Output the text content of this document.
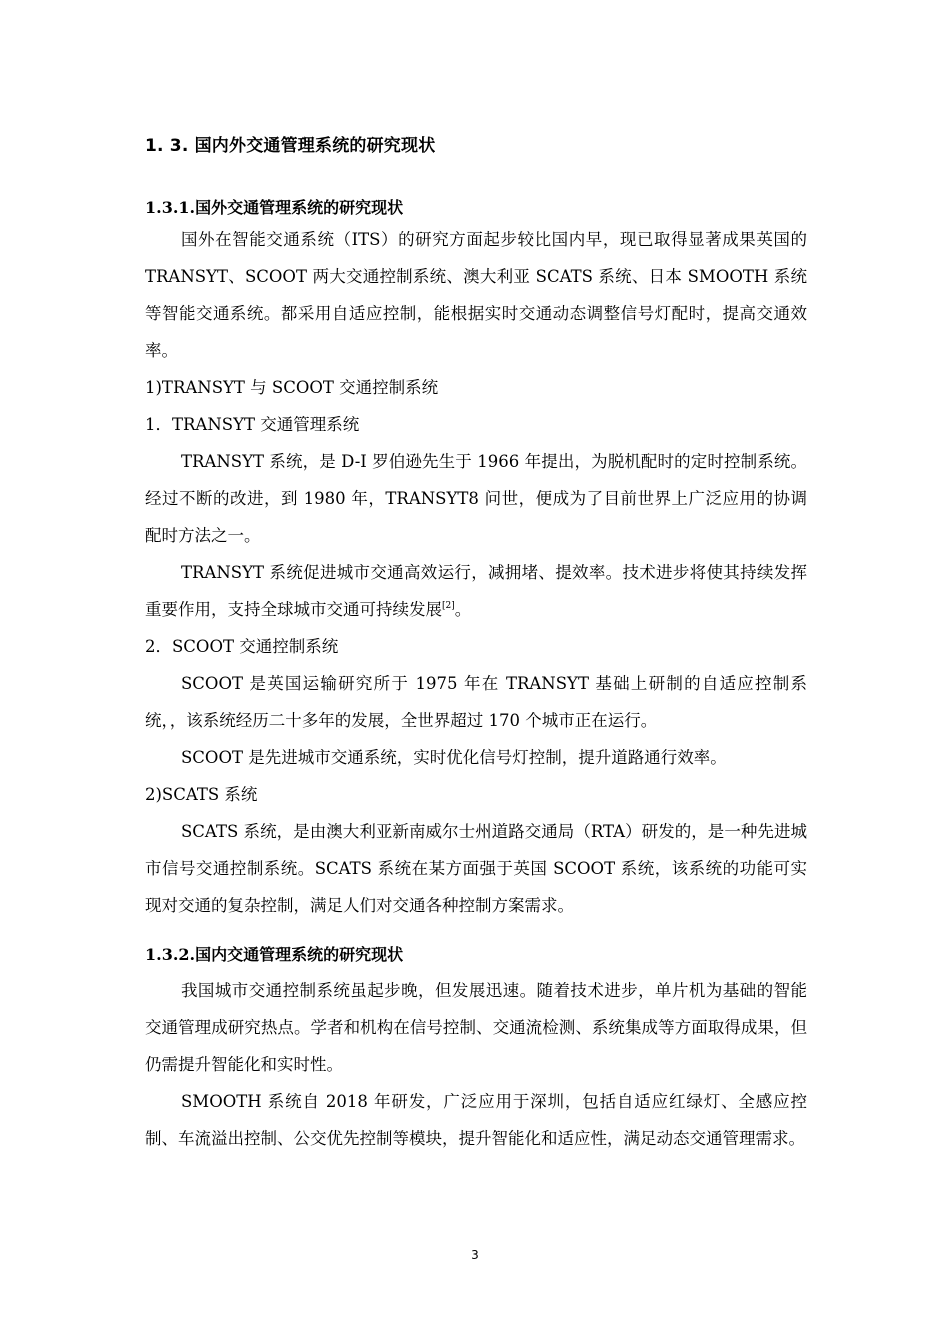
1. 3. 国内外交通管理系统的研究现状
1.3.1.国外交通管理系统的研究现状

国外在智能交通系统（ITS）的研究方面起步较比国内早，现已取得显著成果英国的 TRANSYT、SCOOT 两大交通控制系统、澳大利亚 SCATS 系统、日本 SMOOTH 系统等智能交通系统。都采用自适应控制，能根据实时交通动态调整信号灯配时，提高交通效率。

1)TRANSYT 与 SCOOT 交通控制系统

1．TRANSYT 交通管理系统

TRANSYT 系统，是 D-I 罗伯逊先生于 1966 年提出，为脱机配时的定时控制系统。经过不断的改进，到 1980 年，TRANSYT8 问世，便成为了目前世界上广泛应用的协调配时方法之一。

TRANSYT 系统促进城市交通高效运行，减拥堵、提效率。技术进步将使其持续发挥重要作用，支持全球城市交通可持续发展[2]。

2．SCOOT 交通控制系统

SCOOT 是英国运输研究所于 1975 年在 TRANSYT 基础上研制的自适应控制系统，，该系统经历二十多年的发展，全世界超过 170 个城市正在运行。

SCOOT 是先进城市交通系统，实时优化信号灯控制，提升道路通行效率。

2)SCATS 系统

SCATS 系统，是由澳大利亚新南威尔士州道路交通局（RTA）研发的，是一种先进城市信号交通控制系统。SCATS 系统在某方面强于英国 SCOOT 系统，该系统的功能可实现对交通的复杂控制，满足人们对交通各种控制方案需求。

1.3.2.国内交通管理系统的研究现状

我国城市交通控制系统虽起步晚，但发展迅速。随着技术进步，单片机为基础的智能交通管理成研究热点。学者和机构在信号控制、交通流检测、系统集成等方面取得成果，但仍需提升智能化和实时性。

SMOOTH 系统自 2018 年研发，广泛应用于深圳，包括自适应红绿灯、全感应控制、车流溢出控制、公交优先控制等模块，提升智能化和适应性，满足动态交通管理需求。

3
